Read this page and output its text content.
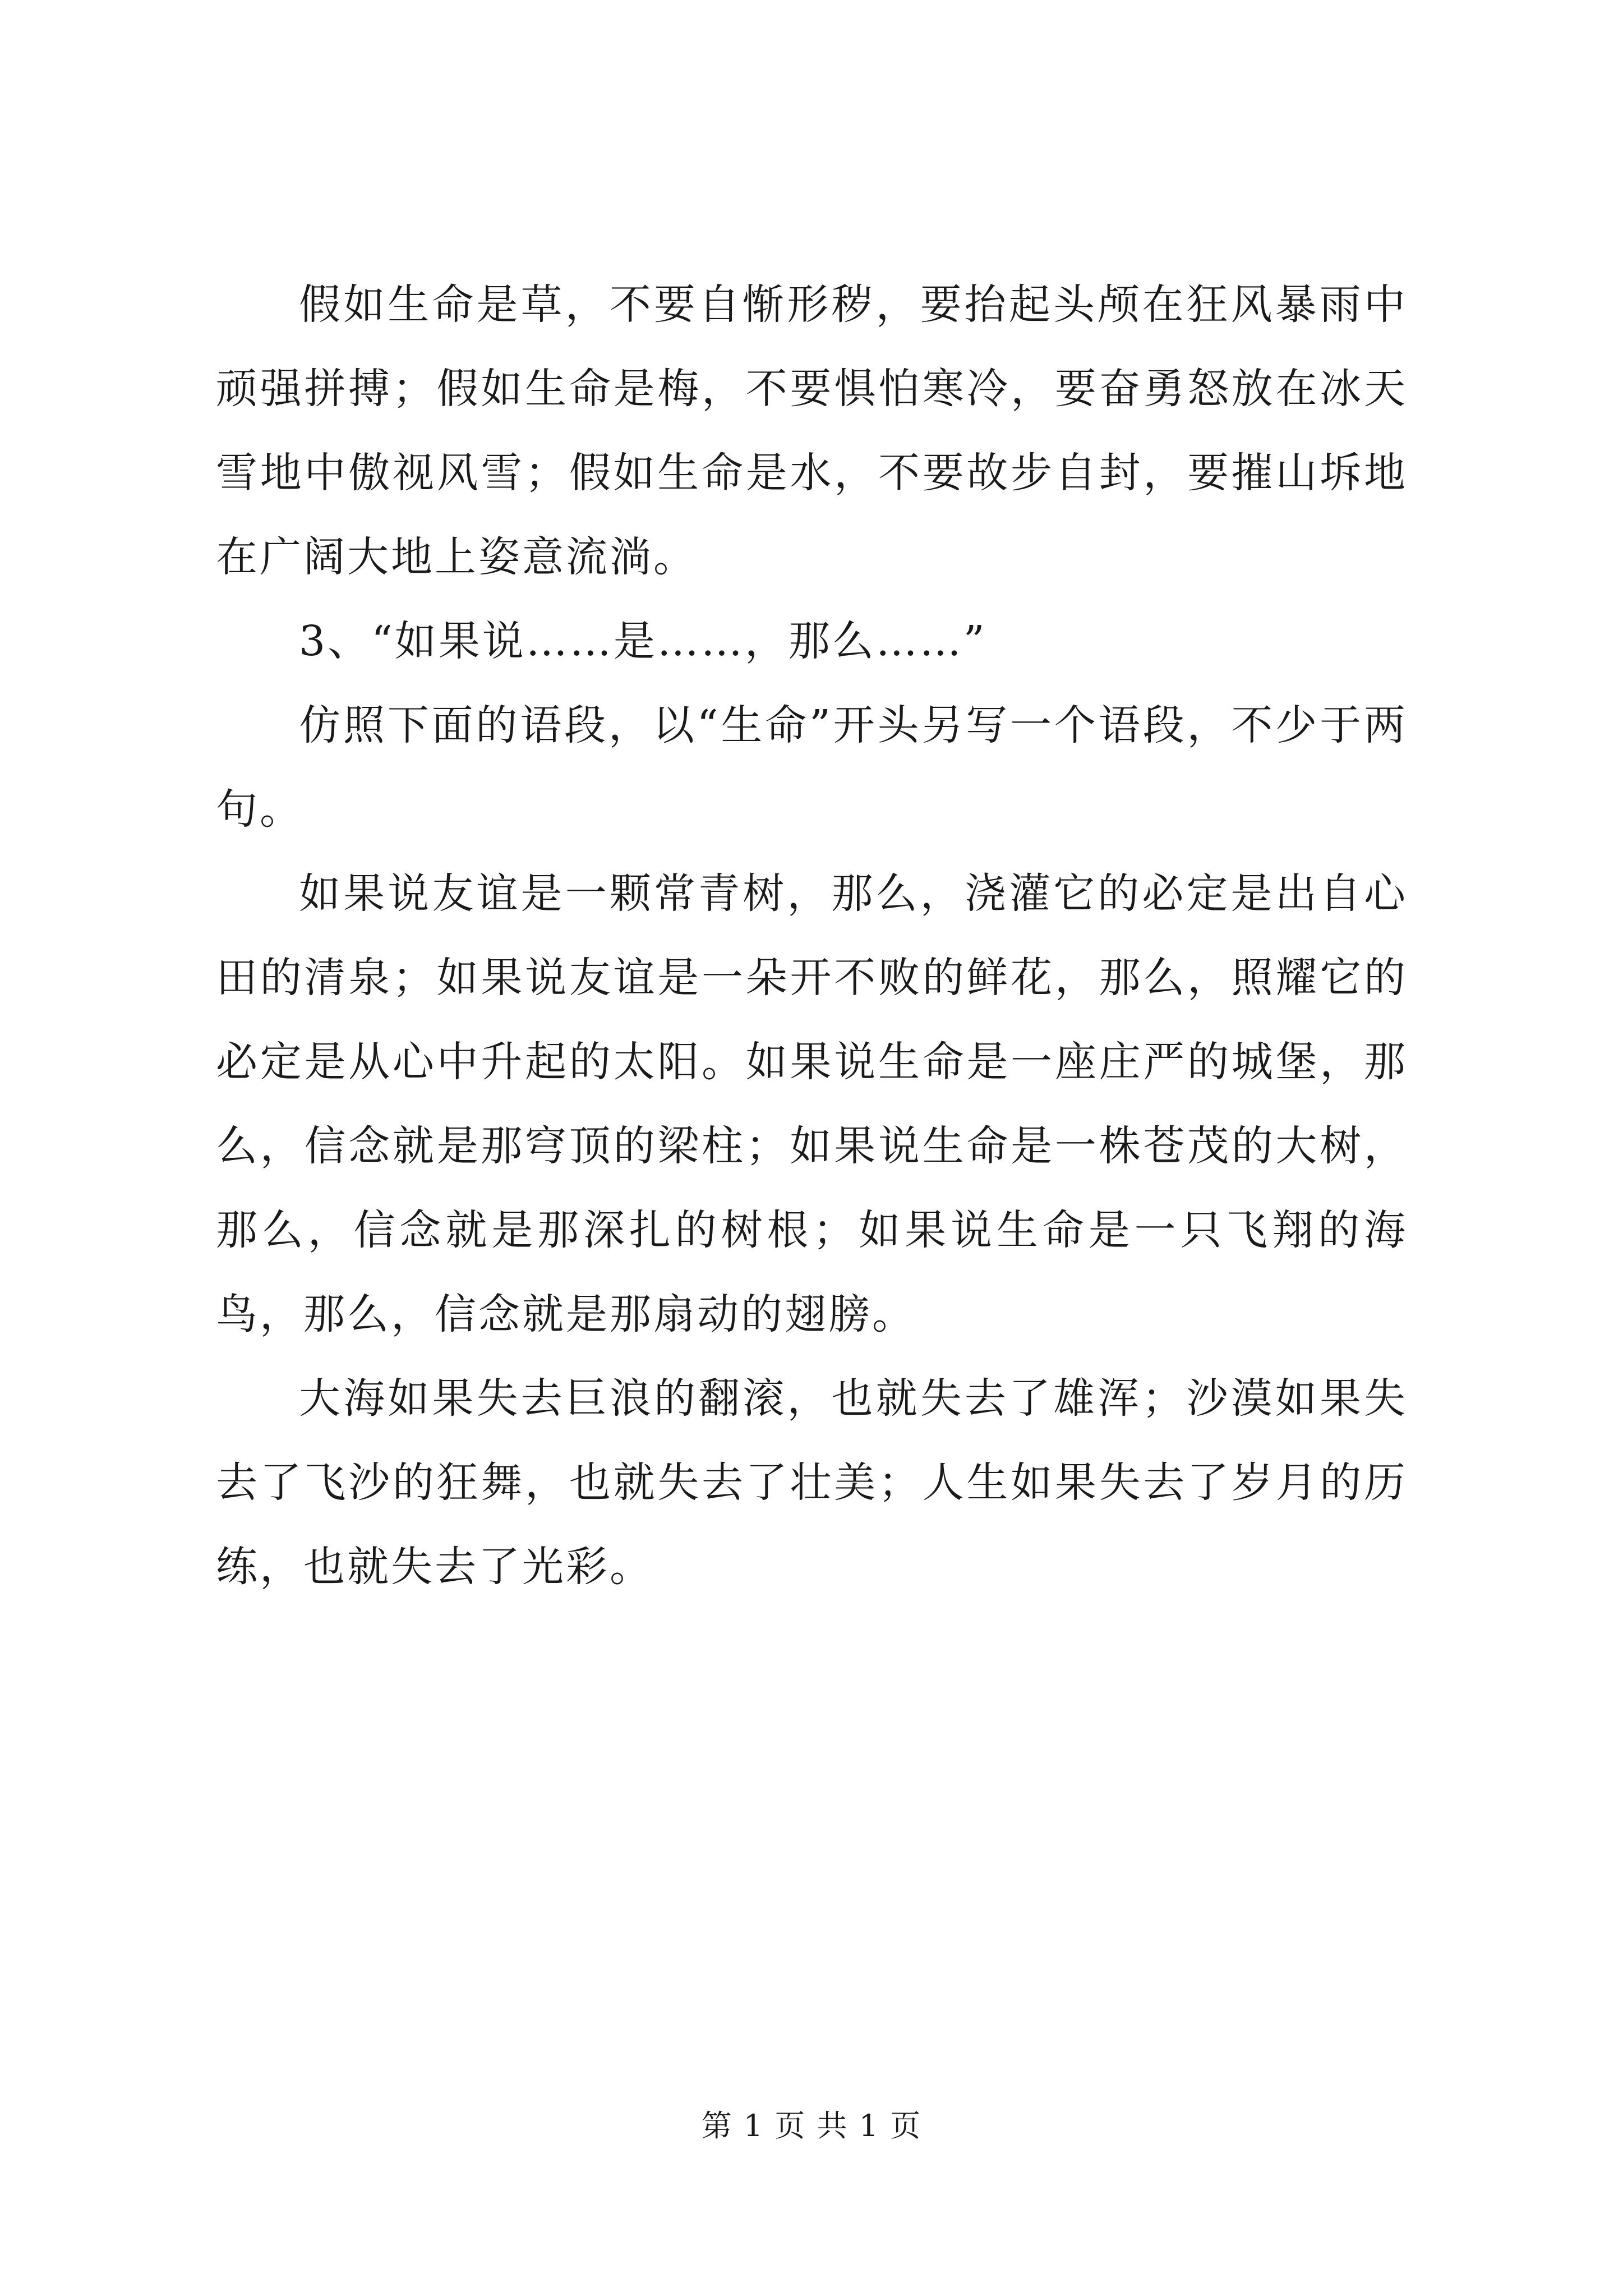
假如生命是草，不要自惭形秽，要抬起头颅在狂风暴雨中顽强拼搏；假如生命是梅，不要惧怕寒冷，要奋勇怒放在冰天雪地中傲视风雪；假如生命是水，不要故步自封，要摧山坼地在广阔大地上姿意流淌。

3、“如果说……是……，那么……”

仿照下面的语段，以“生命”开头另写一个语段，不少于两句。

如果说友谊是一颗常青树，那么，浇灌它的必定是出自心田的清泉；如果说友谊是一朵开不败的鲜花，那么，照耀它的必定是从心中升起的太阳。如果说生命是一座庄严的城堡，那么，信念就是那穹顶的梁柱；如果说生命是一株苍茂的大树，那么，信念就是那深扎的树根；如果说生命是一只飞翔的海鸟，那么，信念就是那扇动的翅膀。

大海如果失去巨浪的翻滚，也就失去了雄浑；沙漠如果失去了飞沙的狂舞，也就失去了壮美；人生如果失去了岁月的历练，也就失去了光彩。

第 1 页 共 1 页
